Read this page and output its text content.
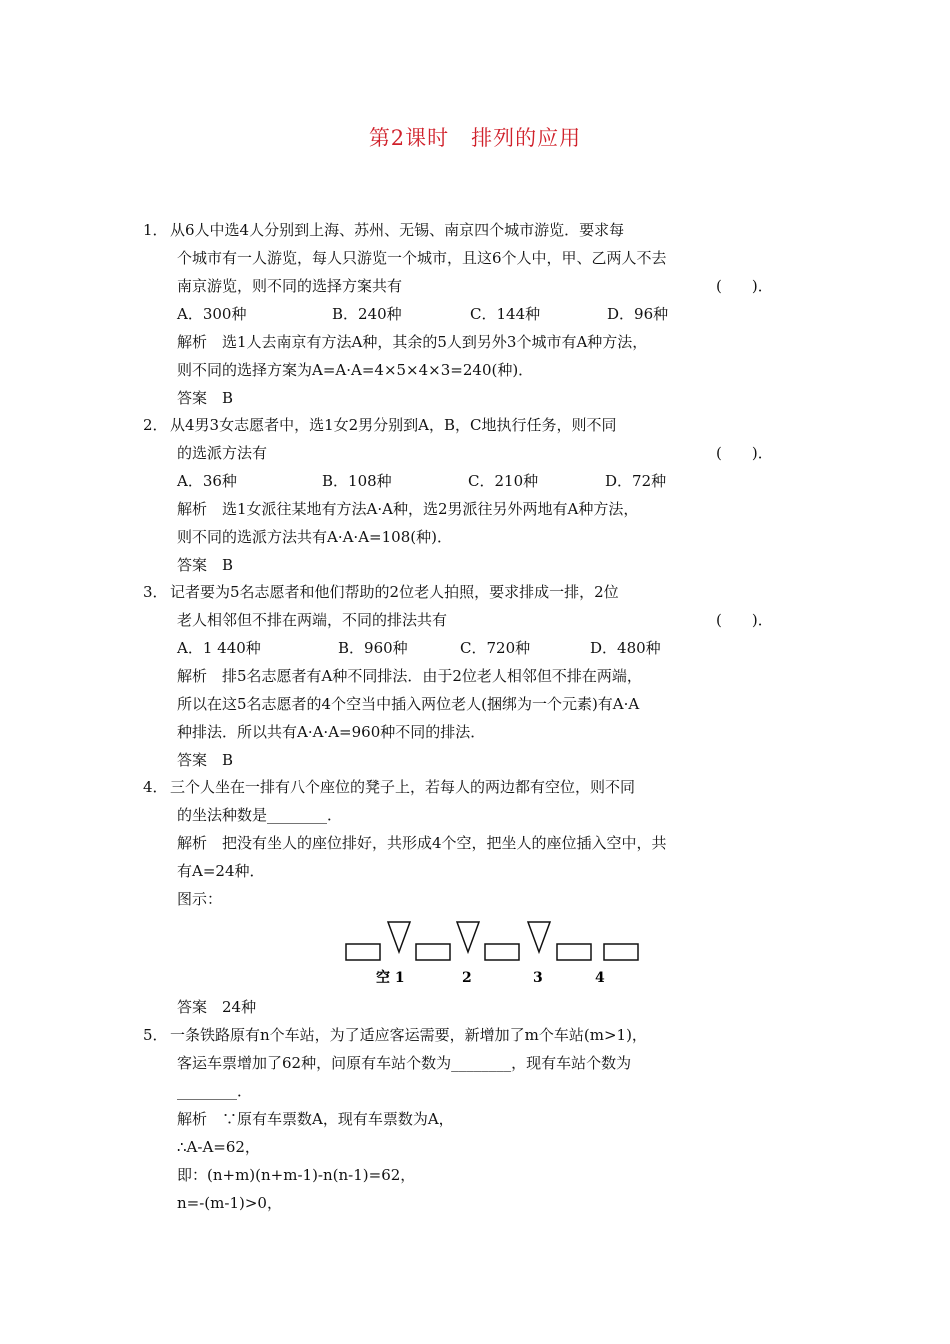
第2课时　排列的应用
1． 从6人中选4人分别到上海、苏州、无锡、南京四个城市游览．要求每
个城市有一人游览，每人只游览一个城市，且这6个人中，甲、乙两人不去
南京游览，则不同的选择方案共有	(　　)．
A．300种	B．240种	C．144种	D．96种
解析　选1人去南京有方法A种，其余的5人到另外3个城市有A种方法，
则不同的选择方案为A=A·A=4×5×4×3=240(种)．
答案　B
2． 从4男3女志愿者中，选1女2男分别到A，B，C地执行任务，则不同
的选派方法有	(　　)．
A．36种	B．108种	C．210种	D．72种
解析　选1女派往某地有方法A·A种，选2男派往另外两地有A种方法，
则不同的选派方法共有A·A·A=108(种)．
答案　B
3． 记者要为5名志愿者和他们帮助的2位老人拍照，要求排成一排，2位
老人相邻但不排在两端，不同的排法共有	(　　)．
A．1 440种	B．960种	C．720种	D．480种
解析　排5名志愿者有A种不同排法．由于2位老人相邻但不排在两端，
所以在这5名志愿者的4个空当中插入两位老人(捆绑为一个元素)有A·A
种排法．所以共有A·A·A=960种不同的排法．
答案　B
4． 三个人坐在一排有八个座位的凳子上，若每人的两边都有空位，则不同
的坐法种数是________．
解析　把没有坐人的座位排好，共形成4个空，把坐人的座位插入空中，共
有A=24种．
图示：
空 1	2	3	4
答案　24种
5． 一条铁路原有n个车站，为了适应客运需要，新增加了m个车站(m>1)，
客运车票增加了62种，问原有车站个数为________，现有车站个数为
________．
解析　∵原有车票数A，现有车票数为A，
∴A-A=62，
即：(n+m)(n+m-1)-n(n-1)=62，
n=-(m-1)>0，
